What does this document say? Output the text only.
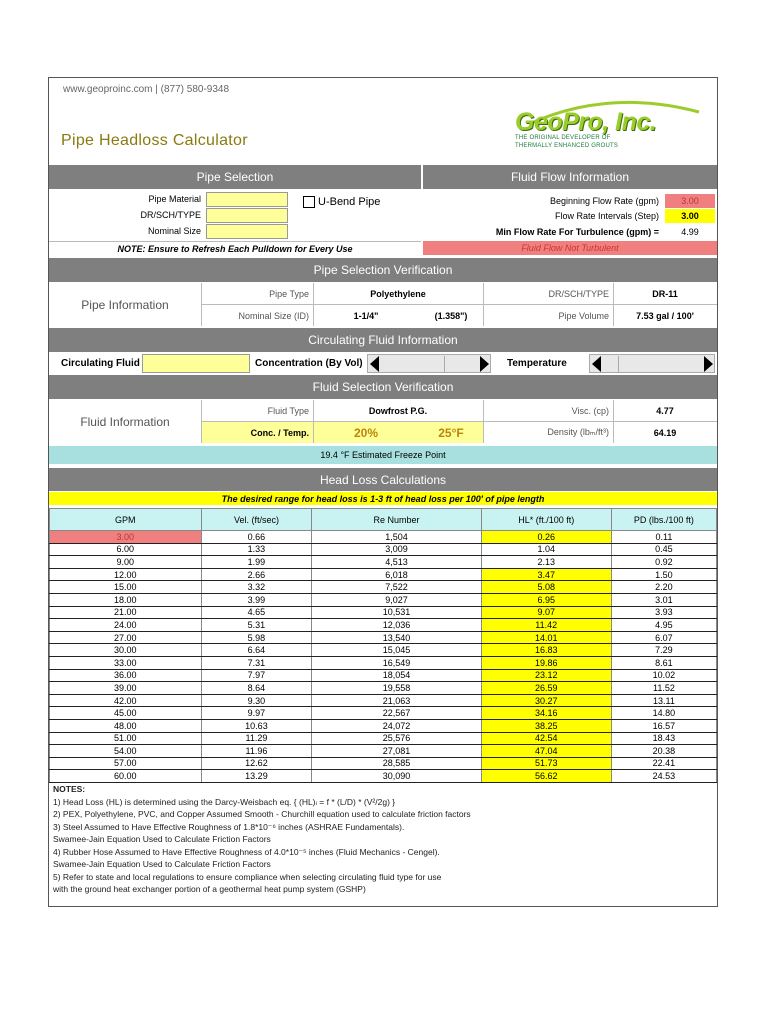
www.geoproinc.com | (877) 580-9348
Pipe Headloss Calculator
GeoPro, Inc.
THE ORIGINAL DEVELOPER OF
THERMALLY ENHANCED GROUTS
Pipe Selection	Fluid Flow Information
Pipe Material
DR/SCH/TYPE
Nominal Size
U-Bend Pipe
NOTE: Ensure to Refresh Each Pulldown for Every Use
Beginning Flow Rate (gpm)	3.00
Flow Rate Intervals (Step)	3.00
Min Flow Rate For Turbulence (gpm) =	4.99
Fluid Flow Not Turbulent
Pipe Selection Verification
Pipe Information
Pipe Type	Polyethylene	DR/SCH/TYPE	DR-11
Nominal Size (ID)	1-1/4"	(1.358")	Pipe Volume	7.53 gal / 100'
Circulating Fluid Information
Circulating Fluid	Concentration (By Vol)	Temperature
Fluid Selection Verification
Fluid Information
Fluid Type	Dowfrost P.G.	Visc. (cp)	4.77
Conc. / Temp.	20%	25°F	Density (lbₘ/ft³)	64.19
19.4 °F Estimated Freeze Point
Head Loss Calculations
The desired range for head loss is 1-3 ft of head loss per 100' of pipe length
GPM	Vel. (ft/sec)	Re Number	HL* (ft./100 ft)	PD (lbs./100 ft)
3.00	0.66	1,504	0.26	0.11
6.00	1.33	3,009	1.04	0.45
9.00	1.99	4,513	2.13	0.92
12.00	2.66	6,018	3.47	1.50
15.00	3.32	7,522	5.08	2.20
18.00	3.99	9,027	6.95	3.01
21.00	4.65	10,531	9.07	3.93
24.00	5.31	12,036	11.42	4.95
27.00	5.98	13,540	14.01	6.07
30.00	6.64	15,045	16.83	7.29
33.00	7.31	16,549	19.86	8.61
36.00	7.97	18,054	23.12	10.02
39.00	8.64	19,558	26.59	11.52
42.00	9.30	21,063	30.27	13.11
45.00	9.97	22,567	34.16	14.80
48.00	10.63	24,072	38.25	16.57
51.00	11.29	25,576	42.54	18.43
54.00	11.96	27,081	47.04	20.38
57.00	12.62	28,585	51.73	22.41
60.00	13.29	30,090	56.62	24.53
NOTES:
1) Head Loss (HL) is determined using the Darcy-Weisbach eq. { (HL)ₗ = f * (L/D) * (V²/2g) }
2) PEX, Polyethylene, PVC, and Copper Assumed Smooth - Churchill equation used to calculate friction factors
3) Steel Assumed to Have Effective Roughness of 1.8*10⁻⁶ inches (ASHRAE Fundamentals).
Swamee-Jain Equation Used to Calculate Friction Factors
4) Rubber Hose Assumed to Have Effective Roughness of 4.0*10⁻⁵ inches (Fluid Mechanics - Cengel).
Swamee-Jain Equation Used to Calculate Friction Factors
5) Refer to state and local regulations to ensure compliance when selecting circulating fluid type for use
with the ground heat exchanger portion of a geothermal heat pump system (GSHP)
